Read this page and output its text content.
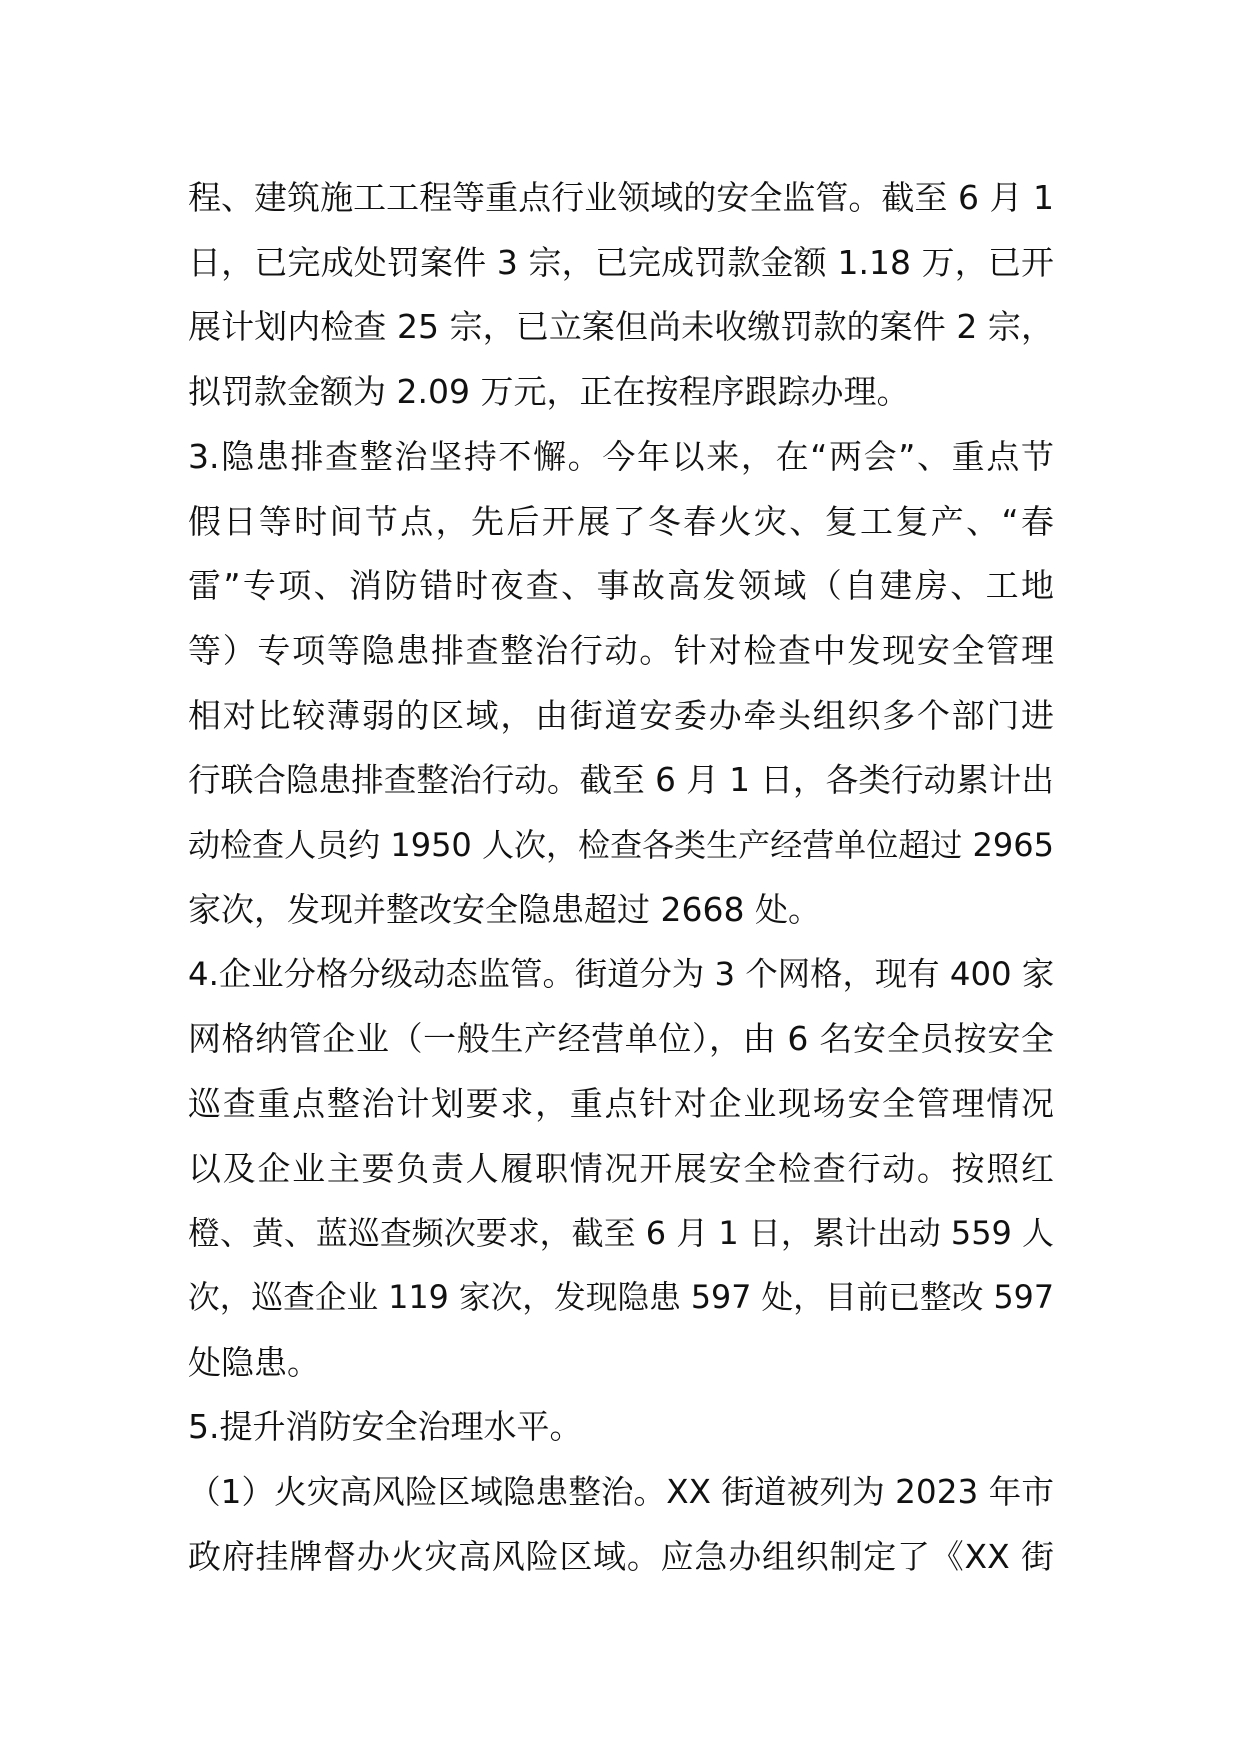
程、建筑施工工程等重点行业领域的安全监管。截至 6 月 1
日，已完成处罚案件 3 宗，已完成罚款金额 1.18 万，已开
展计划内检查 25 宗，已立案但尚未收缴罚款的案件 2 宗，
拟罚款金额为 2.09 万元，正在按程序跟踪办理。
3.隐患排查整治坚持不懈。今年以来，在“两会”、重点节
假日等时间节点，先后开展了冬春火灾、复工复产、“春
雷”专项、消防错时夜查、事故高发领域（自建房、工地
等）专项等隐患排查整治行动。针对检查中发现安全管理
相对比较薄弱的区域，由街道安委办牵头组织多个部门进
行联合隐患排查整治行动。截至 6 月 1 日，各类行动累计出
动检查人员约 1950 人次，检查各类生产经营单位超过 2965
家次，发现并整改安全隐患超过 2668 处。
4.企业分格分级动态监管。街道分为 3 个网格，现有 400 家
网格纳管企业（一般生产经营单位），由 6 名安全员按安全
巡查重点整治计划要求，重点针对企业现场安全管理情况
以及企业主要负责人履职情况开展安全检查行动。按照红
橙、黄、蓝巡查频次要求，截至 6 月 1 日，累计出动 559 人
次，巡查企业 119 家次，发现隐患 597 处，目前已整改 597
处隐患。
5.提升消防安全治理水平。
（1）火灾高风险区域隐患整治。XX 街道被列为 2023 年市
政府挂牌督办火灾高风险区域。应急办组织制定了《XX 街
